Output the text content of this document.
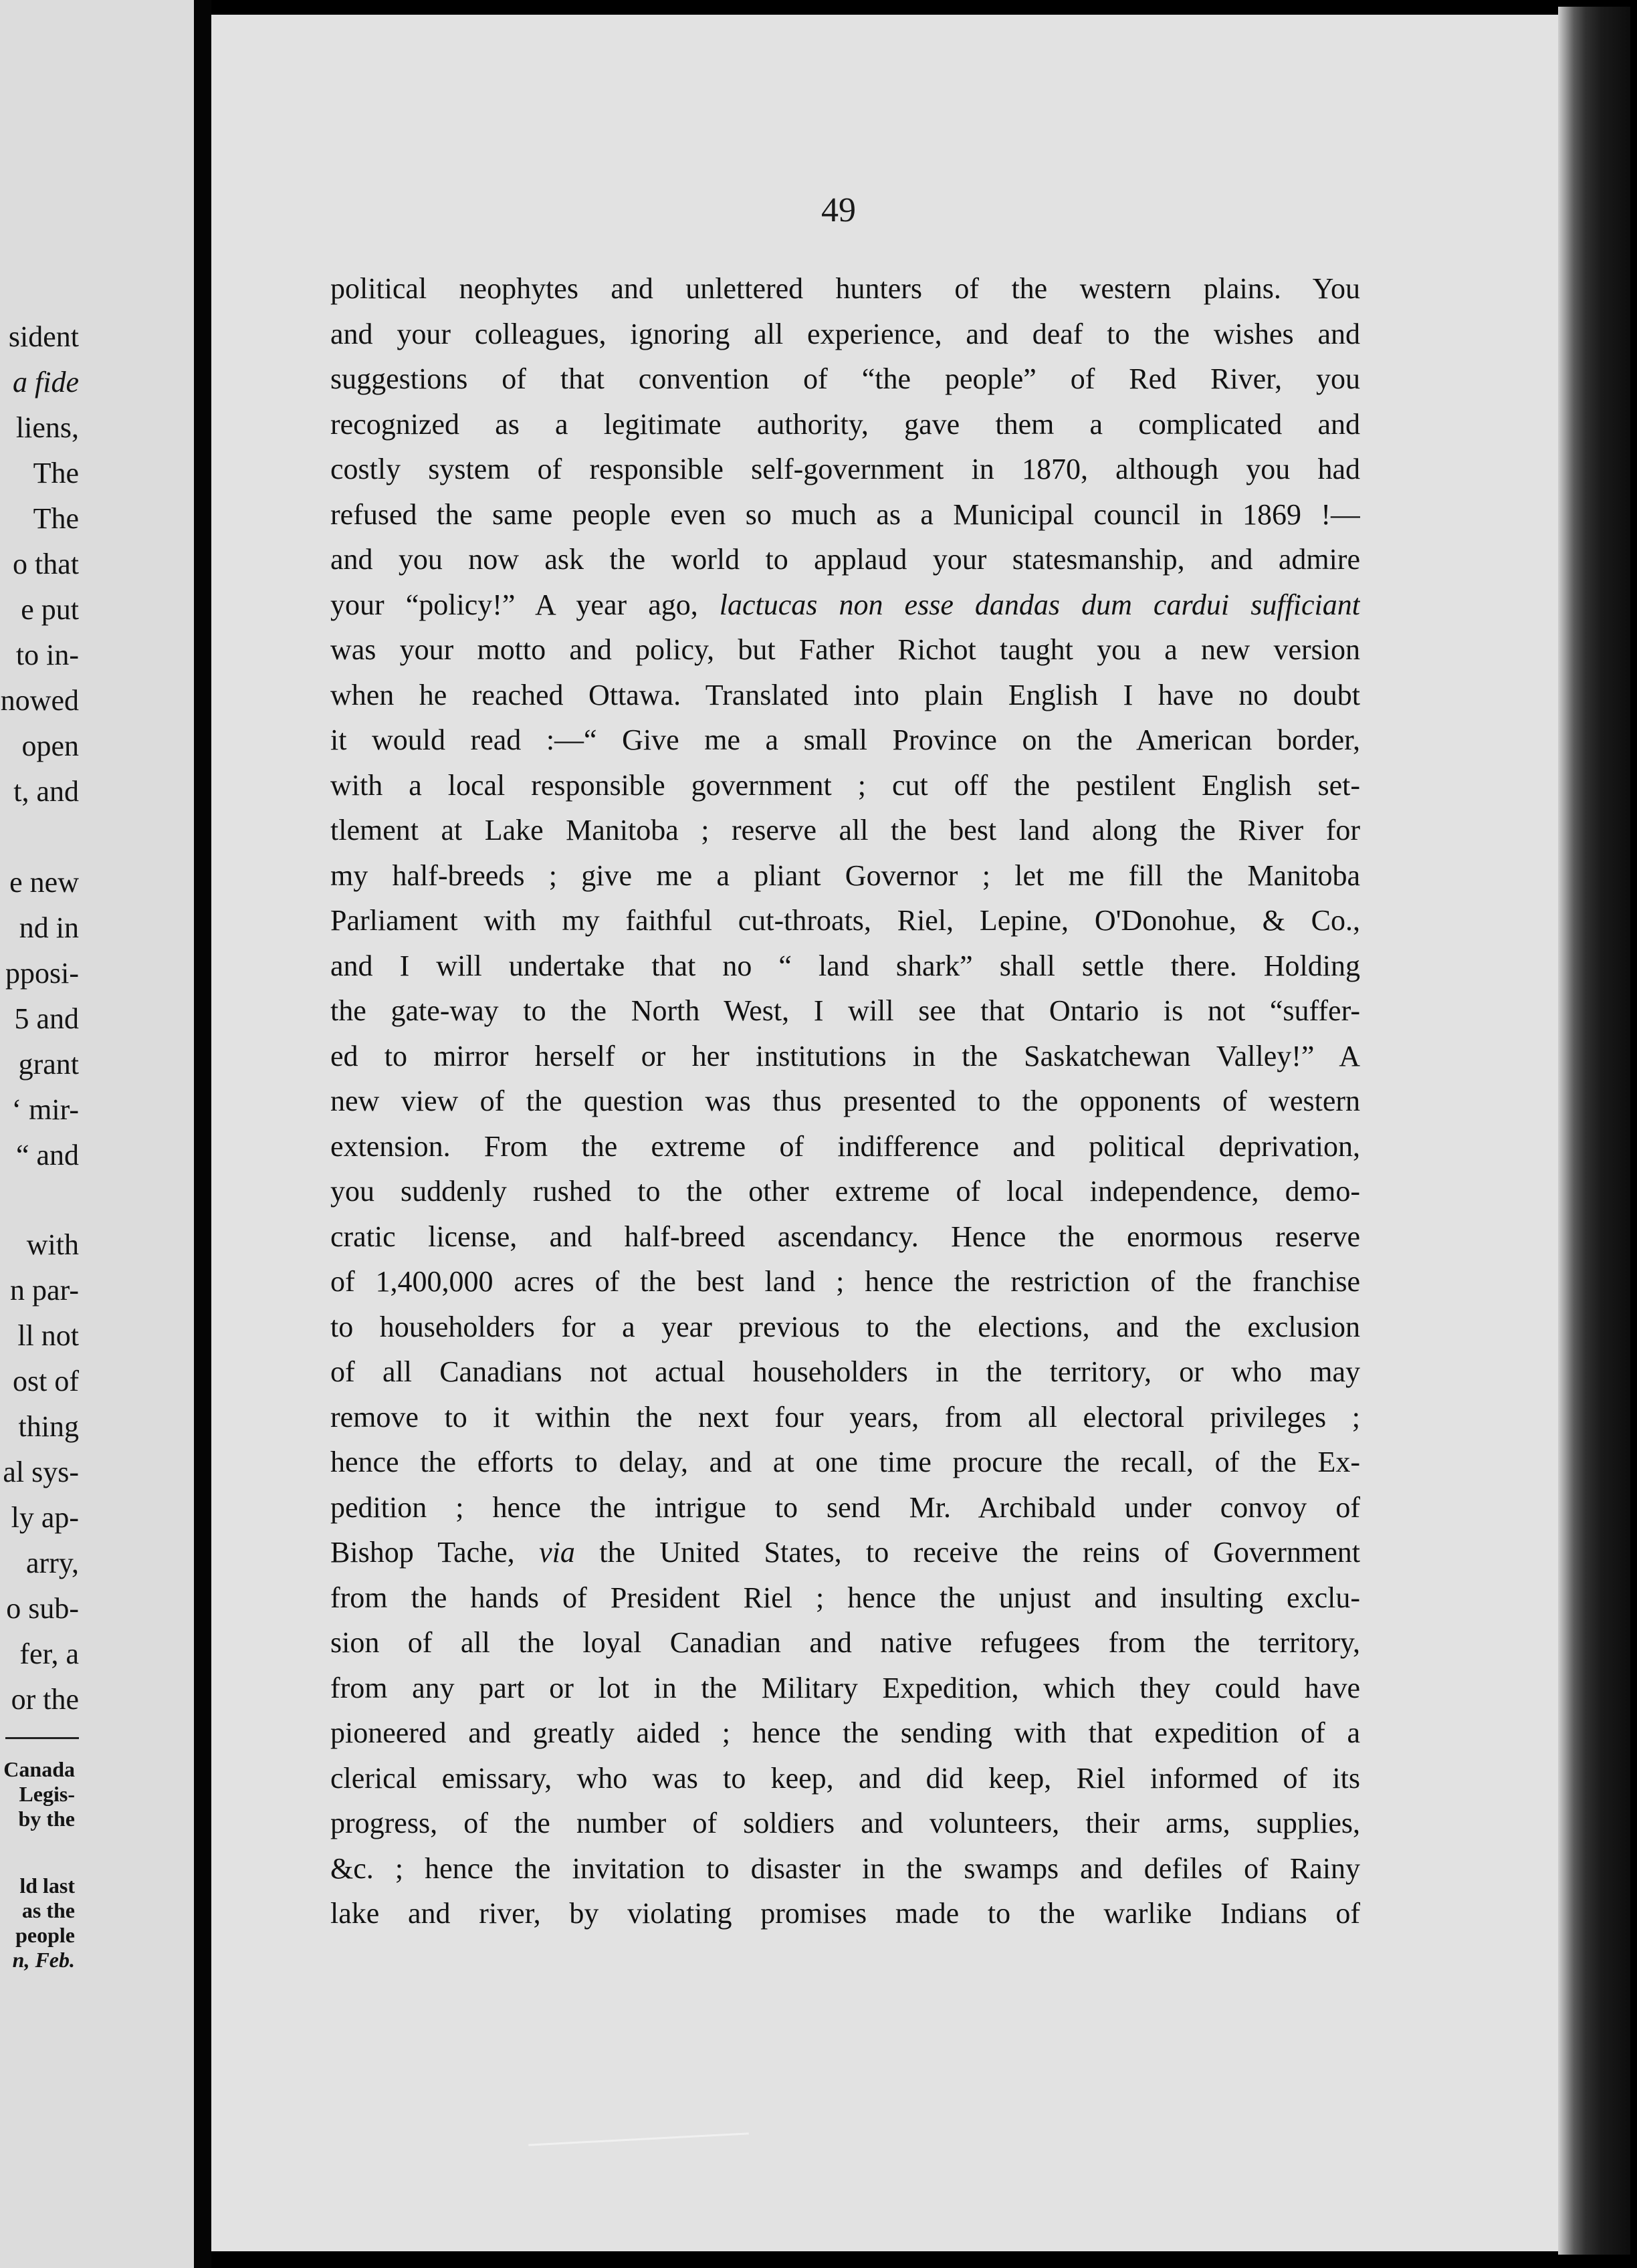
sident
a fide
liens,
The
The
o that
e put
to in-
nowed
open
t, and
e new
nd in
pposi-
5 and
grant
‘ mir-
“ and
with
n par-
ll not
ost of
thing
al sys-
ly ap-
arry,
o sub-
fer, a
or the
Canada
Legis-
by the
ld last
as the
people
n, Feb.
49
political neophytes and unlettered hunters of the western plains. You
and your colleagues, ignoring all experience, and deaf to the wishes and
suggestions of that convention of “the people” of Red River, you
recognized as a legitimate authority, gave them a complicated and
costly system of responsible self-government in 1870, although you had
refused the same people even so much as a Municipal council in 1869 !—
and you now ask the world to applaud your statesmanship, and admire
your “policy!” A year ago, lactucas non esse dandas dum cardui sufficiant
was your motto and policy, but Father Richot taught you a new version
when he reached Ottawa. Translated into plain English I have no doubt
it would read :—“ Give me a small Province on the American border,
with a local responsible government ; cut off the pestilent English set-
tlement at Lake Manitoba ; reserve all the best land along the River for
my half-breeds ; give me a pliant Governor ; let me fill the Manitoba
Parliament with my faithful cut-throats, Riel, Lepine, O'Donohue, & Co.,
and I will undertake that no “ land shark” shall settle there. Holding
the gate-way to the North West, I will see that Ontario is not “suffer-
ed to mirror herself or her institutions in the Saskatchewan Valley!” A
new view of the question was thus presented to the opponents of western
extension. From the extreme of indifference and political deprivation,
you suddenly rushed to the other extreme of local independence, demo-
cratic license, and half-breed ascendancy. Hence the enormous reserve
of 1,400,000 acres of the best land ; hence the restriction of the franchise
to householders for a year previous to the elections, and the exclusion
of all Canadians not actual householders in the territory, or who may
remove to it within the next four years, from all electoral privileges ;
hence the efforts to delay, and at one time procure the recall, of the Ex-
pedition ; hence the intrigue to send Mr. Archibald under convoy of
Bishop Tache, via the United States, to receive the reins of Government
from the hands of President Riel ; hence the unjust and insulting exclu-
sion of all the loyal Canadian and native refugees from the territory,
from any part or lot in the Military Expedition, which they could have
pioneered and greatly aided ; hence the sending with that expedition of a
clerical emissary, who was to keep, and did keep, Riel informed of its
progress, of the number of soldiers and volunteers, their arms, supplies,
&c. ; hence the invitation to disaster in the swamps and defiles of Rainy
lake and river, by violating promises made to the warlike Indians of
